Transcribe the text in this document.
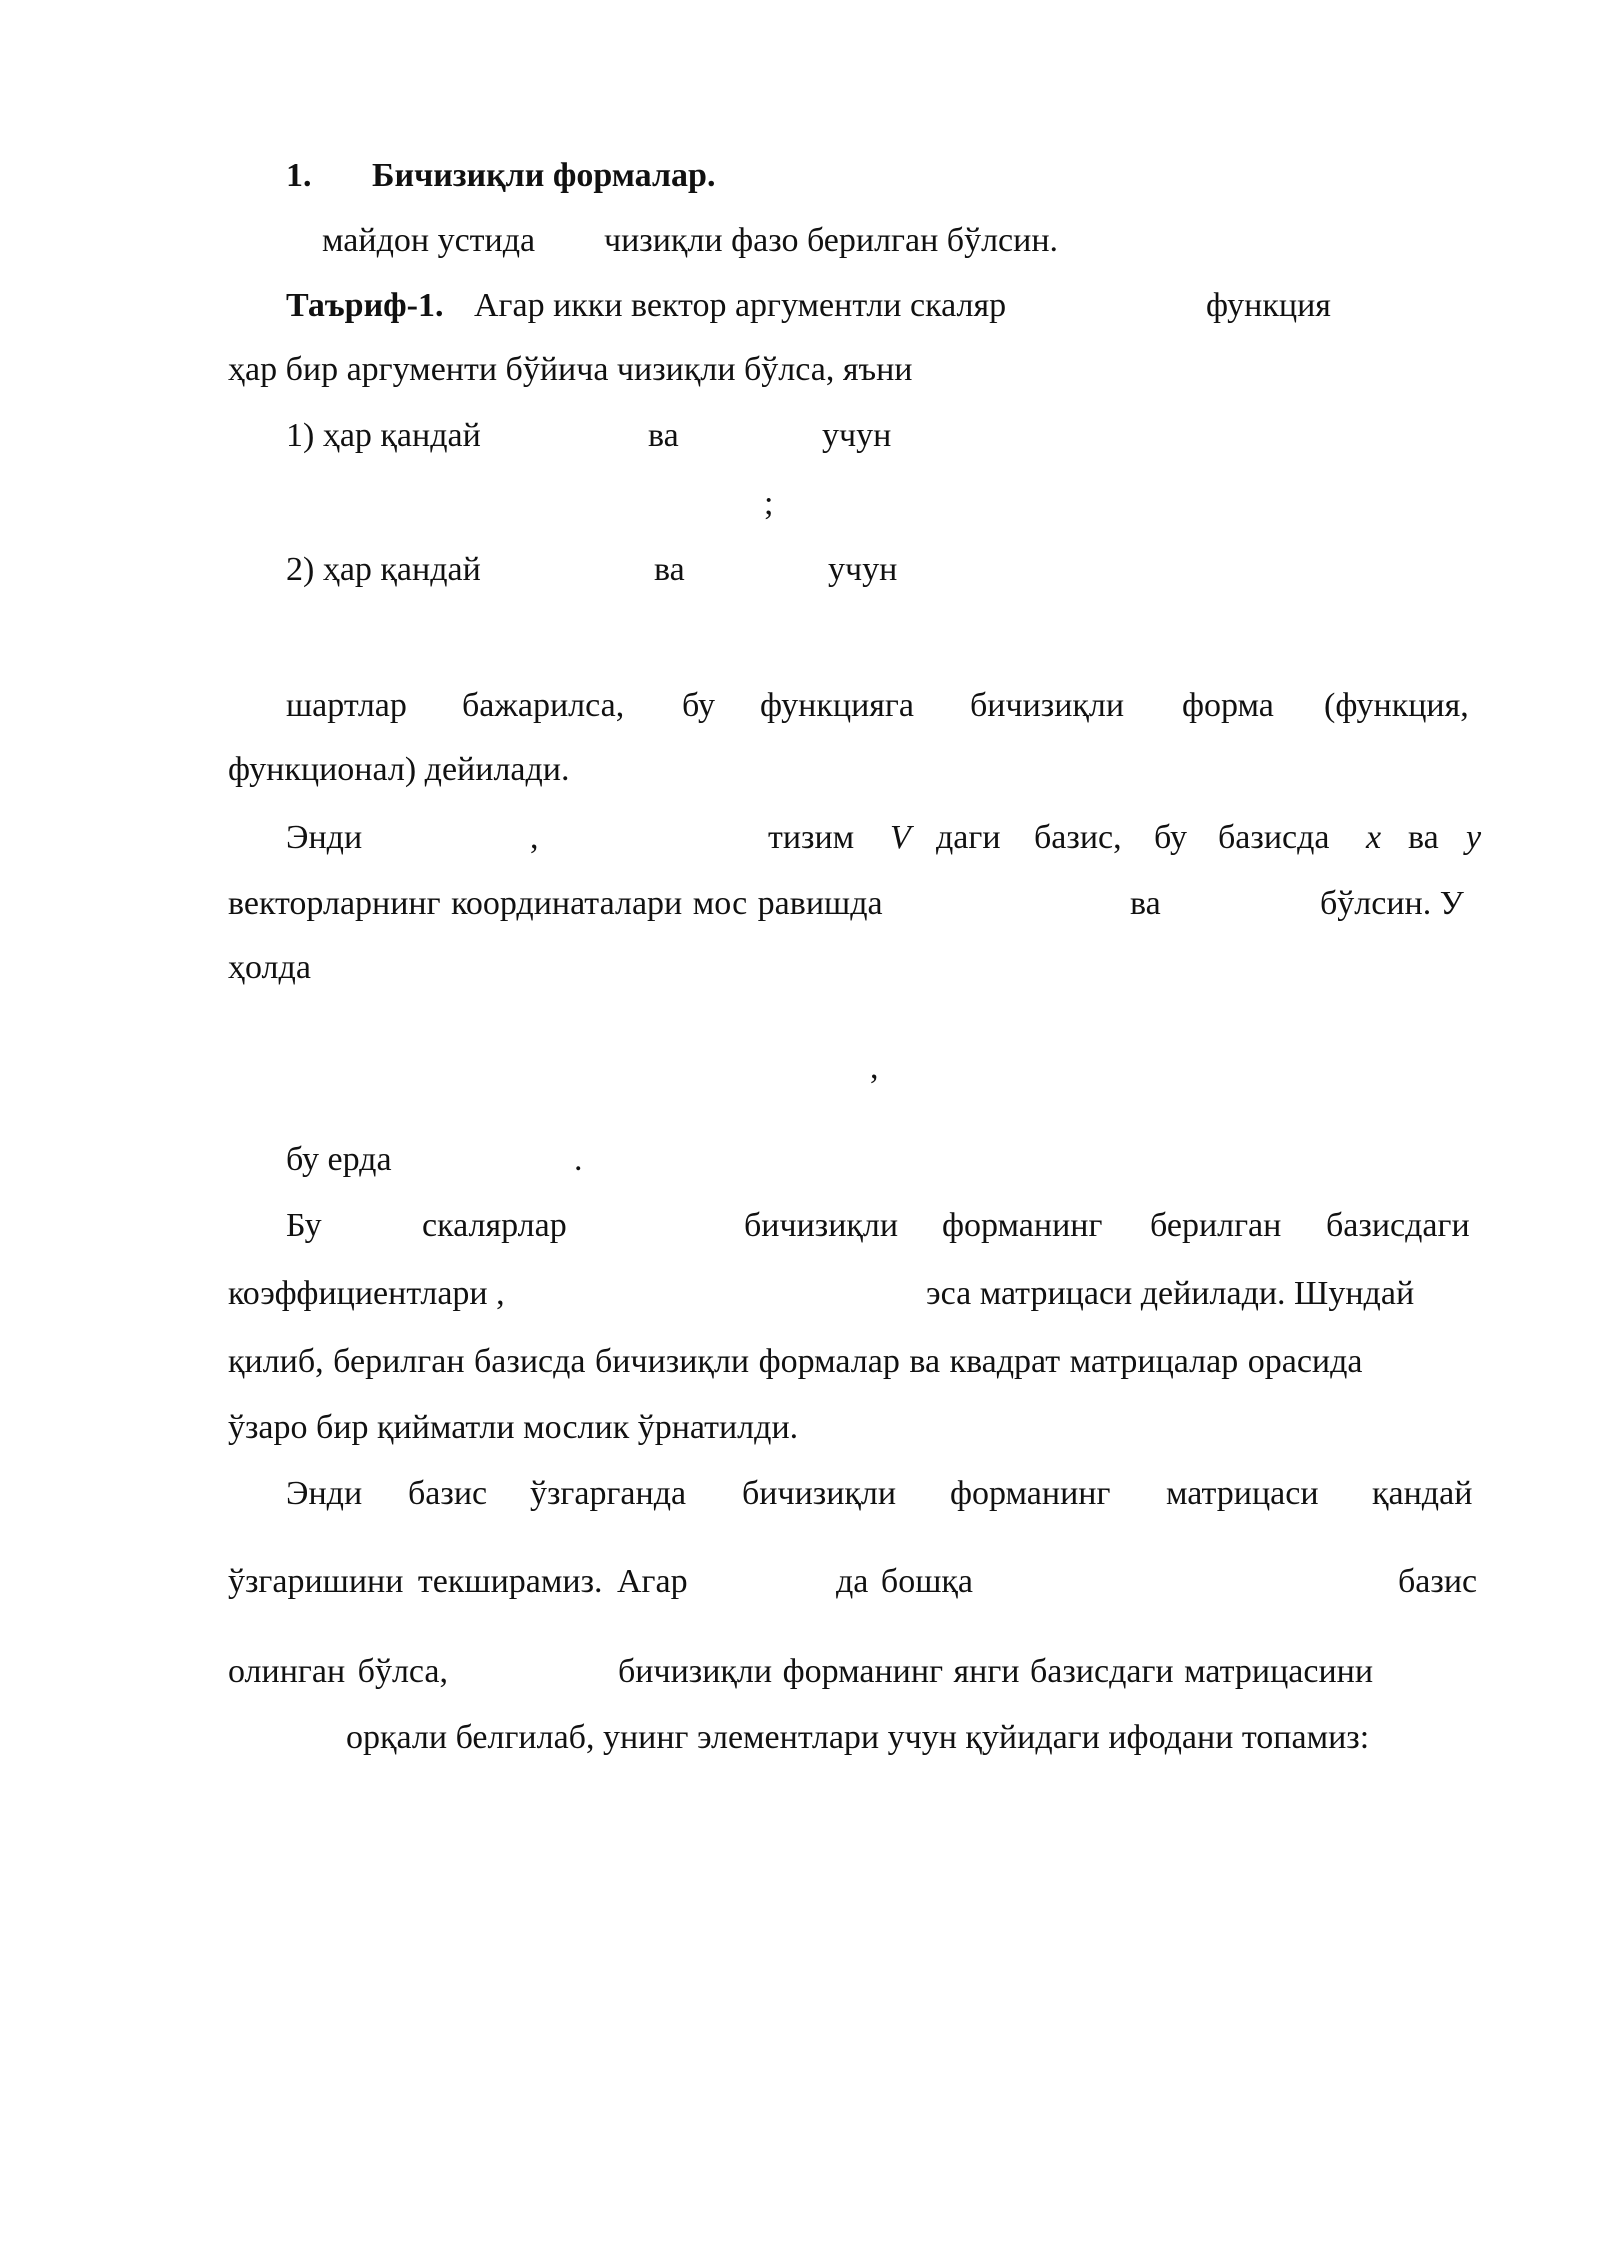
1. Бичизиқли формалар.
майдон устида чизиқли фазо берилган бўлсин.
Таъриф-1. Агар икки вектор аргументли скаляр	функция
ҳар бир аргументи бўйича чизиқли бўлса, яъни
1) ҳар қандай	ва	учун
;
2) ҳар қандай	ва	учун
шартлар бажарилса, бу функцияга бичизиқли форма (функция,
функционал) дейилади.
Энди	,	тизим V даги базис, бу базисда x ва y
векторларнинг координаталари мос равишда	ва	бўлсин. У
ҳолда
,
бу ерда	.
Бу	скалярлар	бичизиқли форманинг берилган базисдаги
коэффициентлари ,	эса матрицаси дейилади. Шундай
қилиб, берилган базисда бичизиқли формалар ва квадрат матрицалар орасида
ўзаро бир қийматли мослик ўрнатилди.
Энди базис ўзгарганда бичизиқли форманинг матрицаси қандай
ўзгаришини текширамиз. Агар	да бошқа	базис
олинган бўлса,	бичизиқли форманинг янги базисдаги матрицасини
орқали белгилаб, унинг элементлари учун қуйидаги ифодани топамиз:
